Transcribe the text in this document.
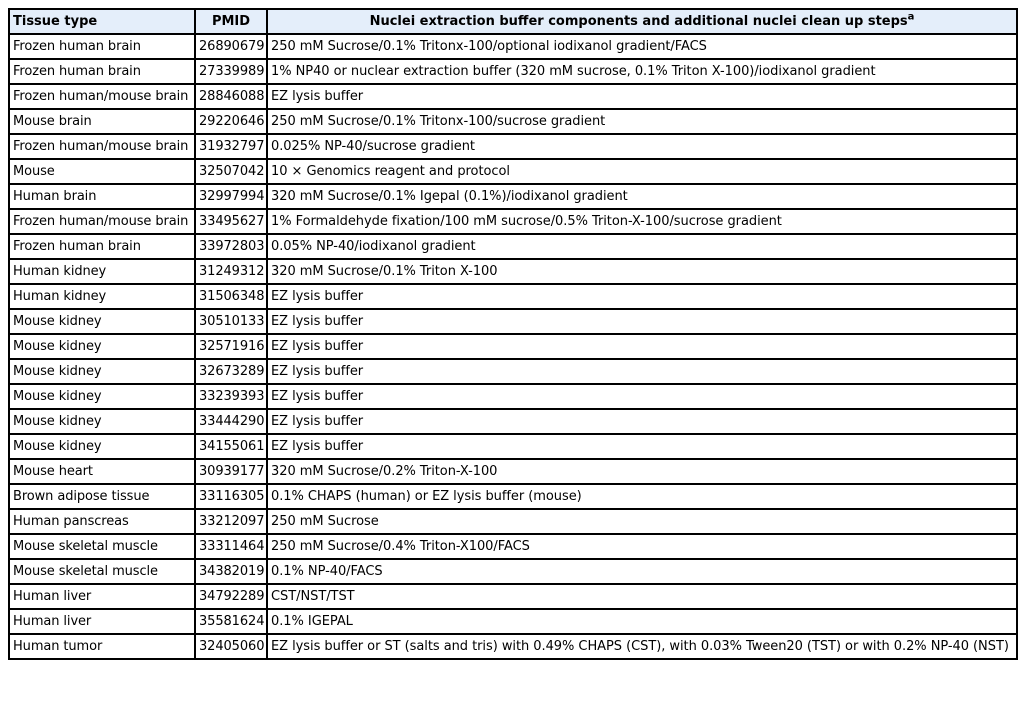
Tissue type	PMID	Nuclei extraction buffer components and additional nuclei clean up steps$^a$
Frozen human brain	26890679	250 mM Sucrose/0.1% Tritonx-100/optional iodixanol gradient/FACS
Frozen human brain	27339989	1% NP40 or nuclear extraction buffer (320 mM sucrose, 0.1% Triton X-100)/iodixanol gradient
Frozen human/mouse brain	28846088	EZ lysis buffer
Mouse brain	29220646	250 mM Sucrose/0.1% Tritonx-100/sucrose gradient
Frozen human/mouse brain	31932797	0.025% NP-40/sucrose gradient
Mouse	32507042	10 × Genomics reagent and protocol
Human brain	32997994	320 mM Sucrose/0.1% Igepal (0.1%)/iodixanol gradient
Frozen human/mouse brain	33495627	1% Formaldehyde fixation/100 mM sucrose/0.5% Triton-X-100/sucrose gradient
Frozen human brain	33972803	0.05% NP-40/iodixanol gradient
Human kidney	31249312	320 mM Sucrose/0.1% Triton X-100
Human kidney	31506348	EZ lysis buffer
Mouse kidney	30510133	EZ lysis buffer
Mouse kidney	32571916	EZ lysis buffer
Mouse kidney	32673289	EZ lysis buffer
Mouse kidney	33239393	EZ lysis buffer
Mouse kidney	33444290	EZ lysis buffer
Mouse kidney	34155061	EZ lysis buffer
Mouse heart	30939177	320 mM Sucrose/0.2% Triton-X-100
Brown adipose tissue	33116305	0.1% CHAPS (human) or EZ lysis buffer (mouse)
Human panscreas	33212097	250 mM Sucrose
Mouse skeletal muscle	33311464	250 mM Sucrose/0.4% Triton-X100/FACS
Mouse skeletal muscle	34382019	0.1% NP-40/FACS
Human liver	34792289	CST/NST/TST
Human liver	35581624	0.1% IGEPAL
Human tumor	32405060	EZ lysis buffer or ST (salts and tris) with 0.49% CHAPS (CST), with 0.03% Tween20 (TST) or with 0.2% NP-40 (NST)
